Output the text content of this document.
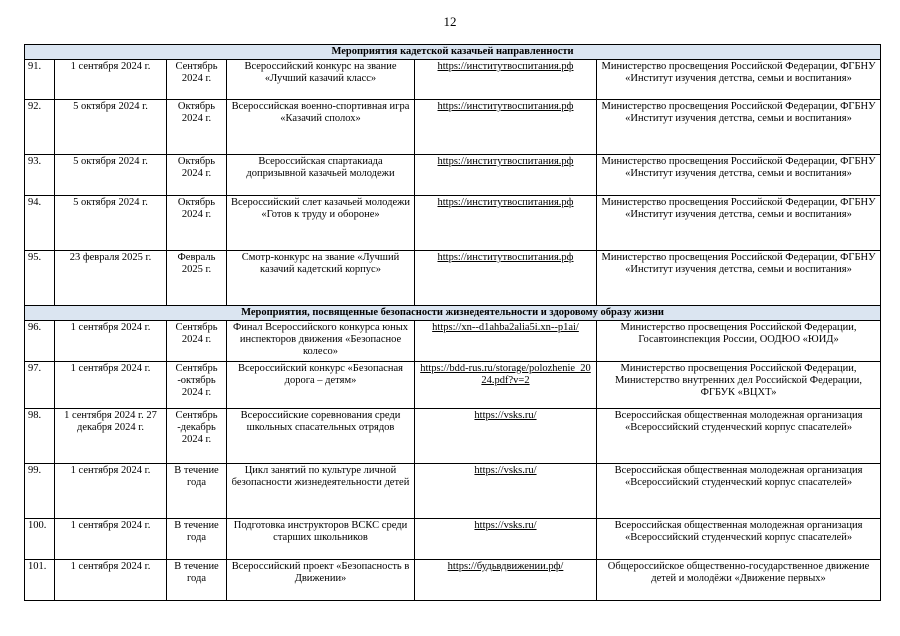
12
Мероприятия кадетской казачьей направленности					
91.	1 сентября 2024 г.	Сентябрь 2024 г.	Всероссийский конкурс на звание «Лучший казачий класс»	https://институтвоспитания.рф	Министерство просвещения Российской Федерации, ФГБНУ «Институт изучения детства, семьи и воспитания»
92.	5 октября 2024 г.	Октябрь 2024 г.	Всероссийская военно-спортивная игра «Казачий сполох»	https://институтвоспитания.рф	Министерство просвещения Российской Федерации, ФГБНУ «Институт изучения детства, семьи и воспитания»
93.	5 октября 2024 г.	Октябрь 2024 г.	Всероссийская спартакиада допризывной казачьей молодежи	https://институтвоспитания.рф	Министерство просвещения Российской Федерации, ФГБНУ «Институт изучения детства, семьи и воспитания»
94.	5 октября 2024 г.	Октябрь 2024 г.	Всероссийский слет казачьей молодежи «Готов к труду и обороне»	https://институтвоспитания.рф	Министерство просвещения Российской Федерации, ФГБНУ «Институт изучения детства, семьи и воспитания»
95.	23 февраля 2025 г.	Февраль 2025 г.	Смотр-конкурс на звание «Лучший казачий кадетский корпус»	https://институтвоспитания.рф	Министерство просвещения Российской Федерации, ФГБНУ «Институт изучения детства, семьи и воспитания»
Мероприятия, посвященные безопасности жизнедеятельности и здоровому образу жизни					
96.	1 сентября 2024 г.	Сентябрь 2024 г.	Финал Всероссийского конкурса юных инспекторов движения «Безопасное колесо»	https://xn--d1ahba2alia5i.xn--p1ai/	Министерство просвещения Российской Федерации, Госавтоинспекция России, ООДЮО «ЮИД»
97.	1 сентября 2024 г.	Сентябрь -октябрь 2024 г.	Всероссийский конкурс «Безопасная дорога – детям»	https://bdd-rus.ru/storage/polozhenie_2024.pdf?v=2	Министерство просвещения Российской Федерации, Министерство внутренних дел Российской Федерации, ФГБУК «ВЦХТ»
98.	1 сентября 2024 г. 27 декабря 2024 г.	Сентябрь -декабрь 2024 г.	Всероссийские соревнования среди школьных спасательных отрядов	https://vsks.ru/	Всероссийская общественная молодежная организация «Всероссийский студенческий корпус спасателей»
99.	1 сентября 2024 г.	В течение года	Цикл занятий по культуре личной безопасности жизнедеятельности детей	https://vsks.ru/	Всероссийская общественная молодежная организация «Всероссийский студенческий корпус спасателей»
100.	1 сентября 2024 г.	В течение года	Подготовка инструкторов ВСКС среди старших школьников	https://vsks.ru/	Всероссийская общественная молодежная организация «Всероссийский студенческий корпус спасателей»
101.	1 сентября 2024 г.	В течение года	Всероссийский проект «Безопасность в Движении»	https://будьвдвижении.рф/	Общероссийское общественно-государственное движение детей и молодёжи «Движение первых»
